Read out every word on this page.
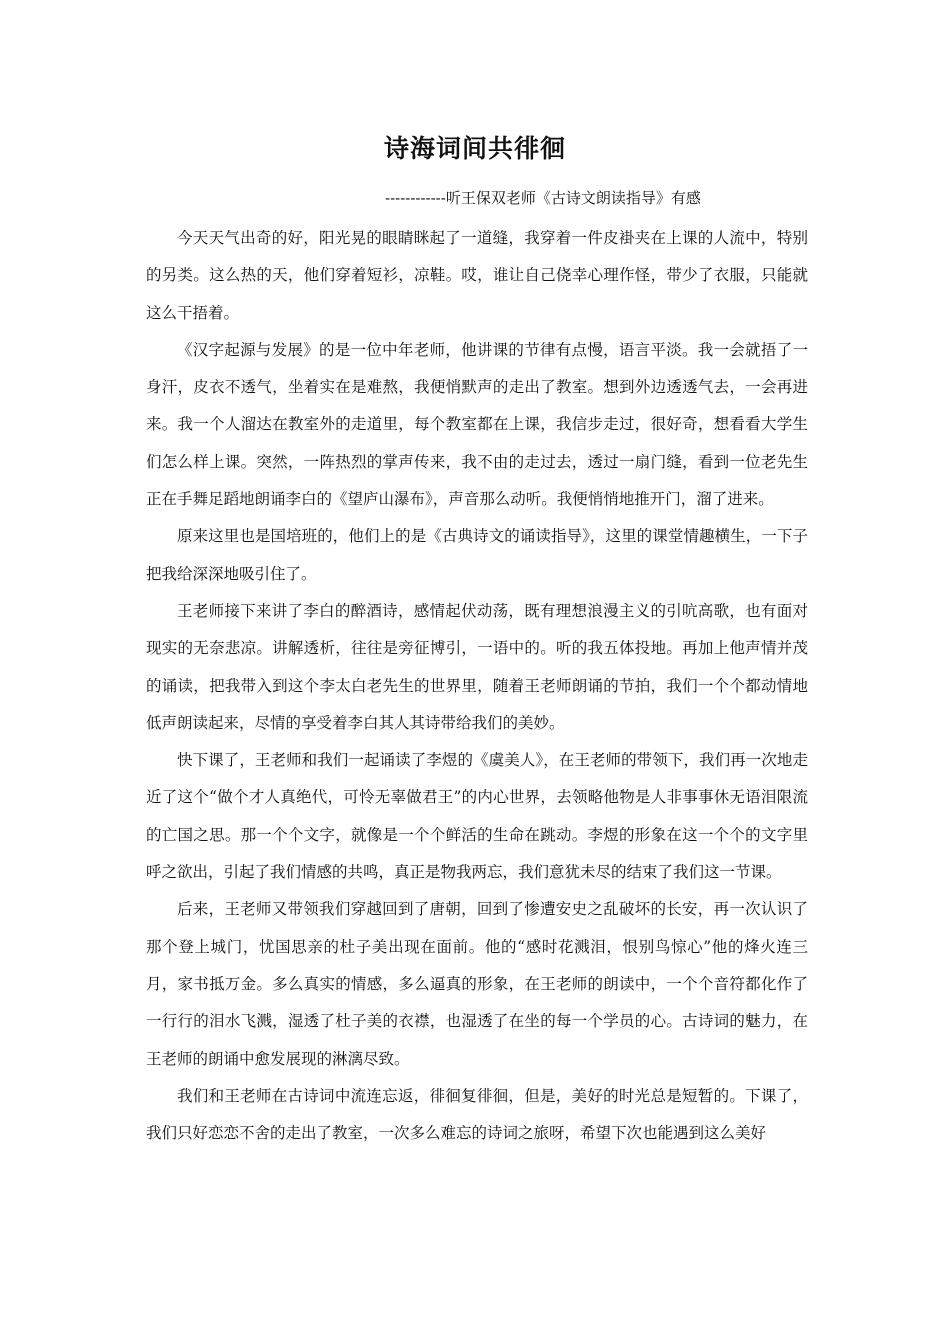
诗海词间共徘徊
------------听王保双老师《古诗文朗读指导》有感

今天天气出奇的好，阳光晃的眼睛眯起了一道缝，我穿着一件皮褂夹在上课的人流中，特别的另类。这么热的天，他们穿着短衫，凉鞋。哎，谁让自己侥幸心理作怪，带少了衣服，只能就这么干捂着。

《汉字起源与发展》的是一位中年老师，他讲课的节律有点慢，语言平淡。我一会就捂了一身汗，皮衣不透气，坐着实在是难熬，我便悄默声的走出了教室。想到外边透透气去，一会再进来。我一个人溜达在教室外的走道里，每个教室都在上课，我信步走过，很好奇，想看看大学生们怎么样上课。突然，一阵热烈的掌声传来，我不由的走过去，透过一扇门缝，看到一位老先生正在手舞足蹈地朗诵李白的《望庐山瀑布》，声音那么动听。我便悄悄地推开门，溜了进来。

原来这里也是国培班的，他们上的是《古典诗文的诵读指导》，这里的课堂情趣横生，一下子把我给深深地吸引住了。

王老师接下来讲了李白的醉酒诗，感情起伏动荡，既有理想浪漫主义的引吭高歌，也有面对现实的无奈悲凉。讲解透析，往往是旁征博引，一语中的。听的我五体投地。再加上他声情并茂的诵读，把我带入到这个李太白老先生的世界里，随着王老师朗诵的节拍，我们一个个都动情地低声朗读起来，尽情的享受着李白其人其诗带给我们的美妙。

快下课了，王老师和我们一起诵读了李煜的《虞美人》，在王老师的带领下，我们再一次地走近了这个“做个才人真绝代，可怜无辜做君王”的内心世界，去领略他物是人非事事休无语泪限流的亡国之思。那一个个文字，就像是一个个鲜活的生命在跳动。李煜的形象在这一个个的文字里呼之欲出，引起了我们情感的共鸣，真正是物我两忘，我们意犹未尽的结束了我们这一节课。

后来，王老师又带领我们穿越回到了唐朝，回到了惨遭安史之乱破坏的长安，再一次认识了那个登上城门，忧国思亲的杜子美出现在面前。他的“感时花溅泪，恨别鸟惊心”他的烽火连三月，家书抵万金。多么真实的情感，多么逼真的形象，在王老师的朗读中，一个个音符都化作了一行行的泪水飞溅，湿透了杜子美的衣襟，也湿透了在坐的每一个学员的心。古诗词的魅力，在王老师的朗诵中愈发展现的淋漓尽致。

我们和王老师在古诗词中流连忘返，徘徊复徘徊，但是，美好的时光总是短暂的。下课了，我们只好恋恋不舍的走出了教室，一次多么难忘的诗词之旅呀，希望下次也能遇到这么美好
